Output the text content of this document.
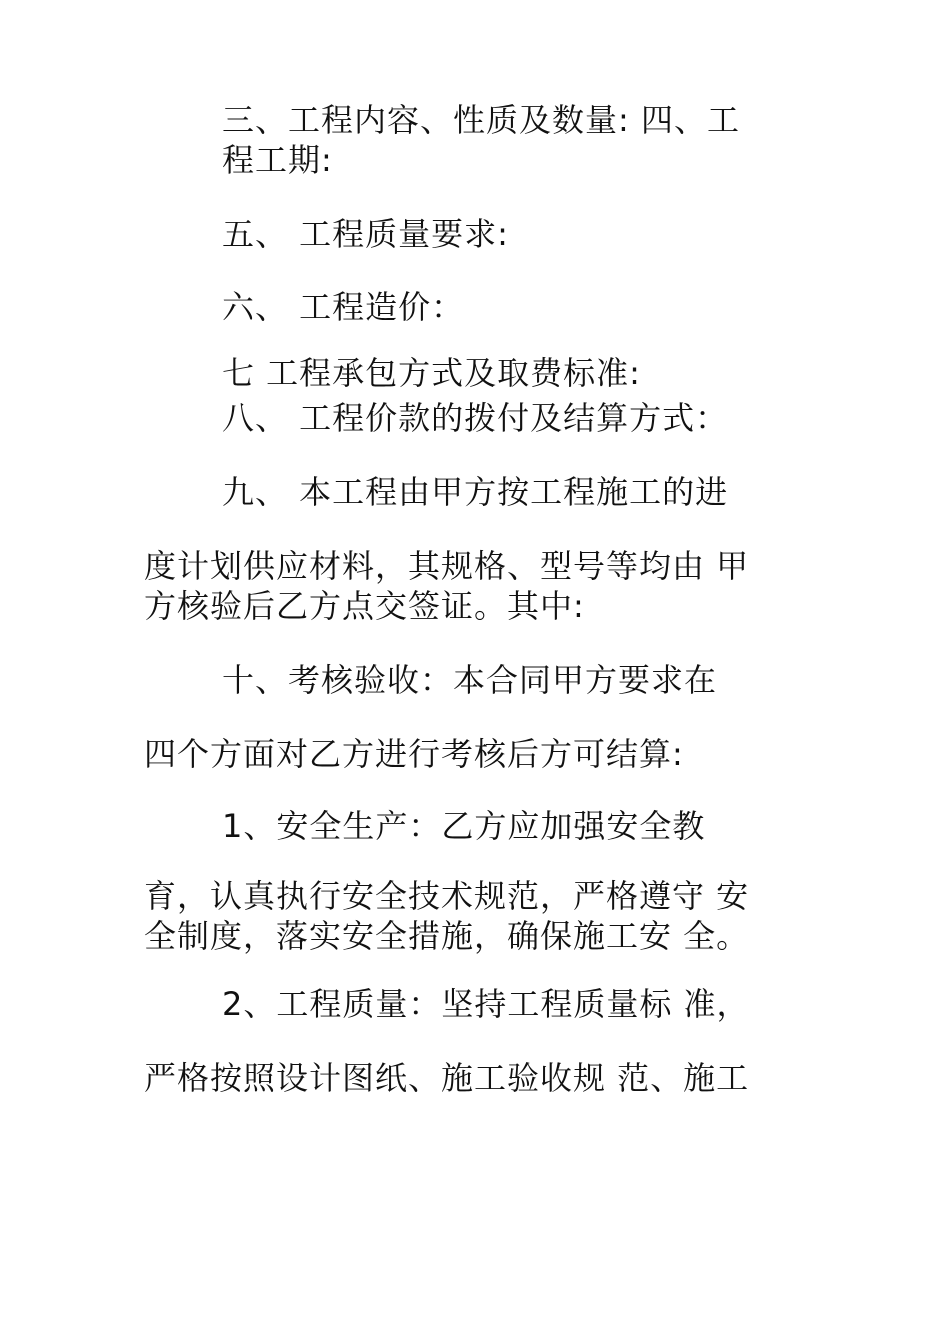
三、工程内容、性质及数量: 四、工
程工期:
五、 工程质量要求:
六、 工程造价：
七 工程承包方式及取费标准:
八、 工程价款的拨付及结算方式：
九、 本工程由甲方按工程施工的进
度计划供应材料，其规格、型号等均由 甲
方核验后乙方点交签证。其中:
十、考核验收：本合同甲方要求在
四个方面对乙方进行考核后方可结算:
1、安全生产：乙方应加强安全教
育，认真执行安全技术规范，严格遵守 安
全制度，落实安全措施，确保施工安 全。
2、工程质量：坚持工程质量标 准，
严格按照设计图纸、施工验收规 范、施工
